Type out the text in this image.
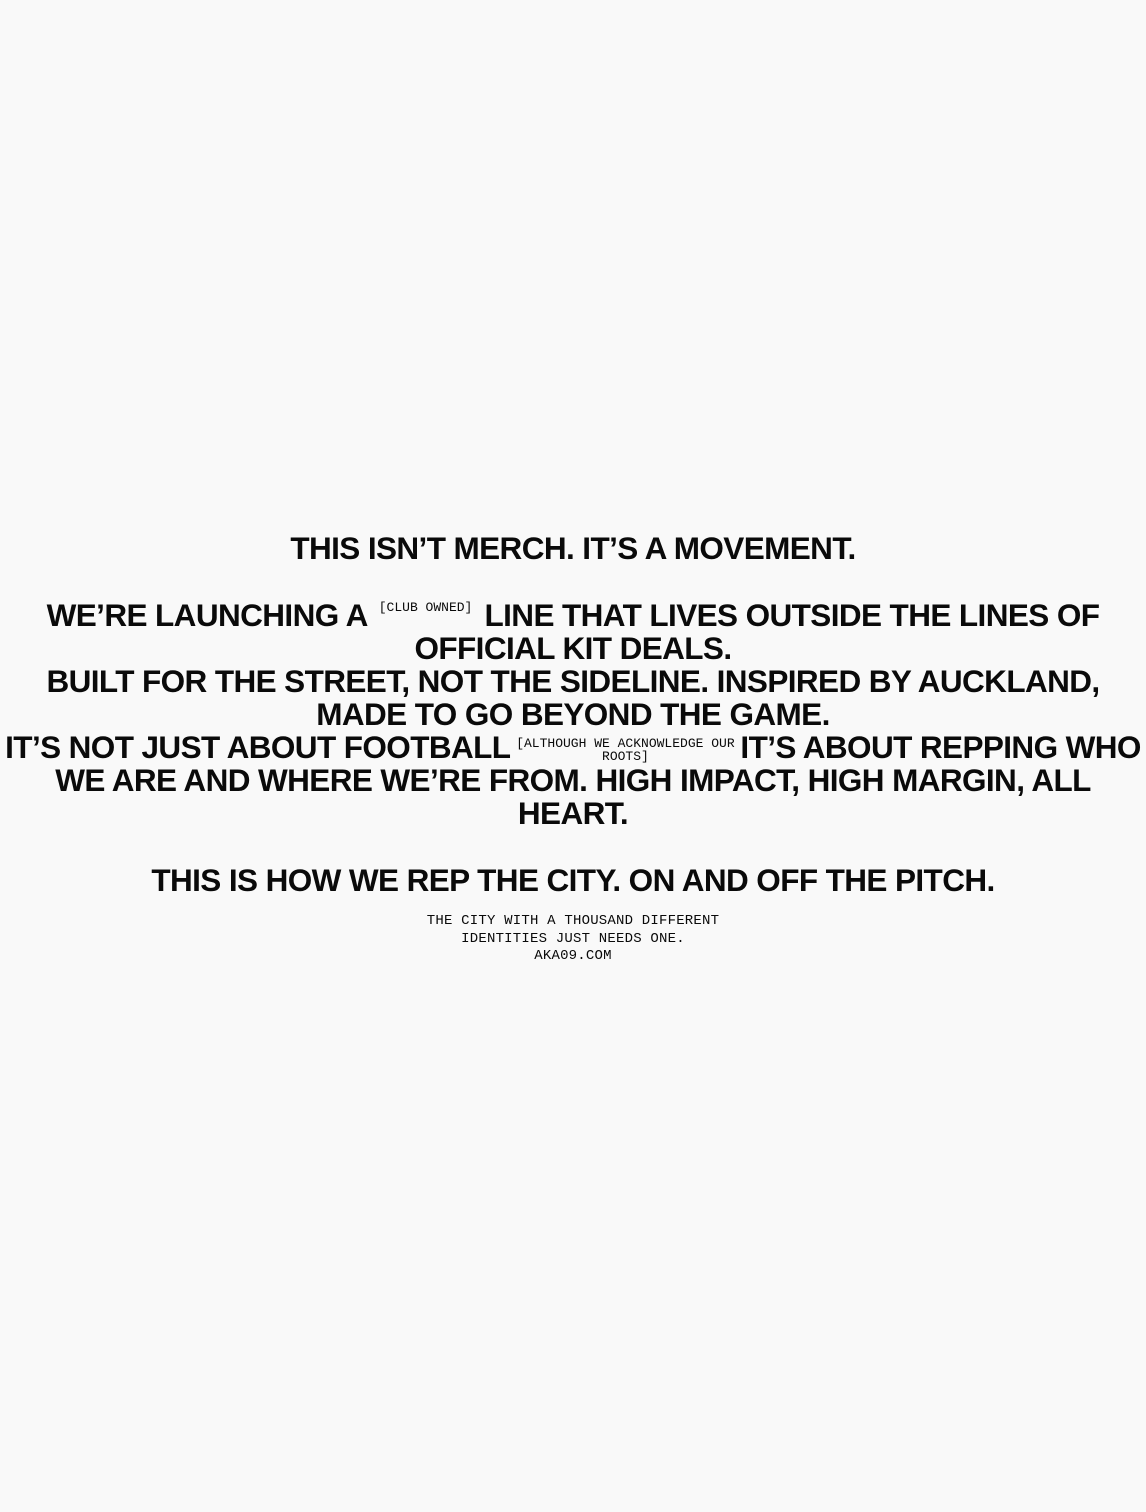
THIS ISN’T MERCH. IT’S A MOVEMENT.

WE’RE LAUNCHING A [CLUB OWNED] LINE THAT LIVES OUTSIDE THE LINES OF

OFFICIAL KIT DEALS.

BUILT FOR THE STREET, NOT THE SIDELINE. INSPIRED BY AUCKLAND,

MADE TO GO BEYOND THE GAME.

IT’S NOT JUST ABOUT FOOTBALL [ALTHOUGH WE ACKNOWLEDGE OUR ROOTS]	IT’S ABOUT REPPING WHO

WE ARE AND WHERE WE’RE FROM. HIGH IMPACT, HIGH MARGIN, ALL

HEART.

THIS IS HOW WE REP THE CITY. ON AND OFF THE PITCH.

THE CITY WITH A THOUSAND DIFFERENT
IDENTITIES JUST NEEDS ONE.
AKA09.COM
